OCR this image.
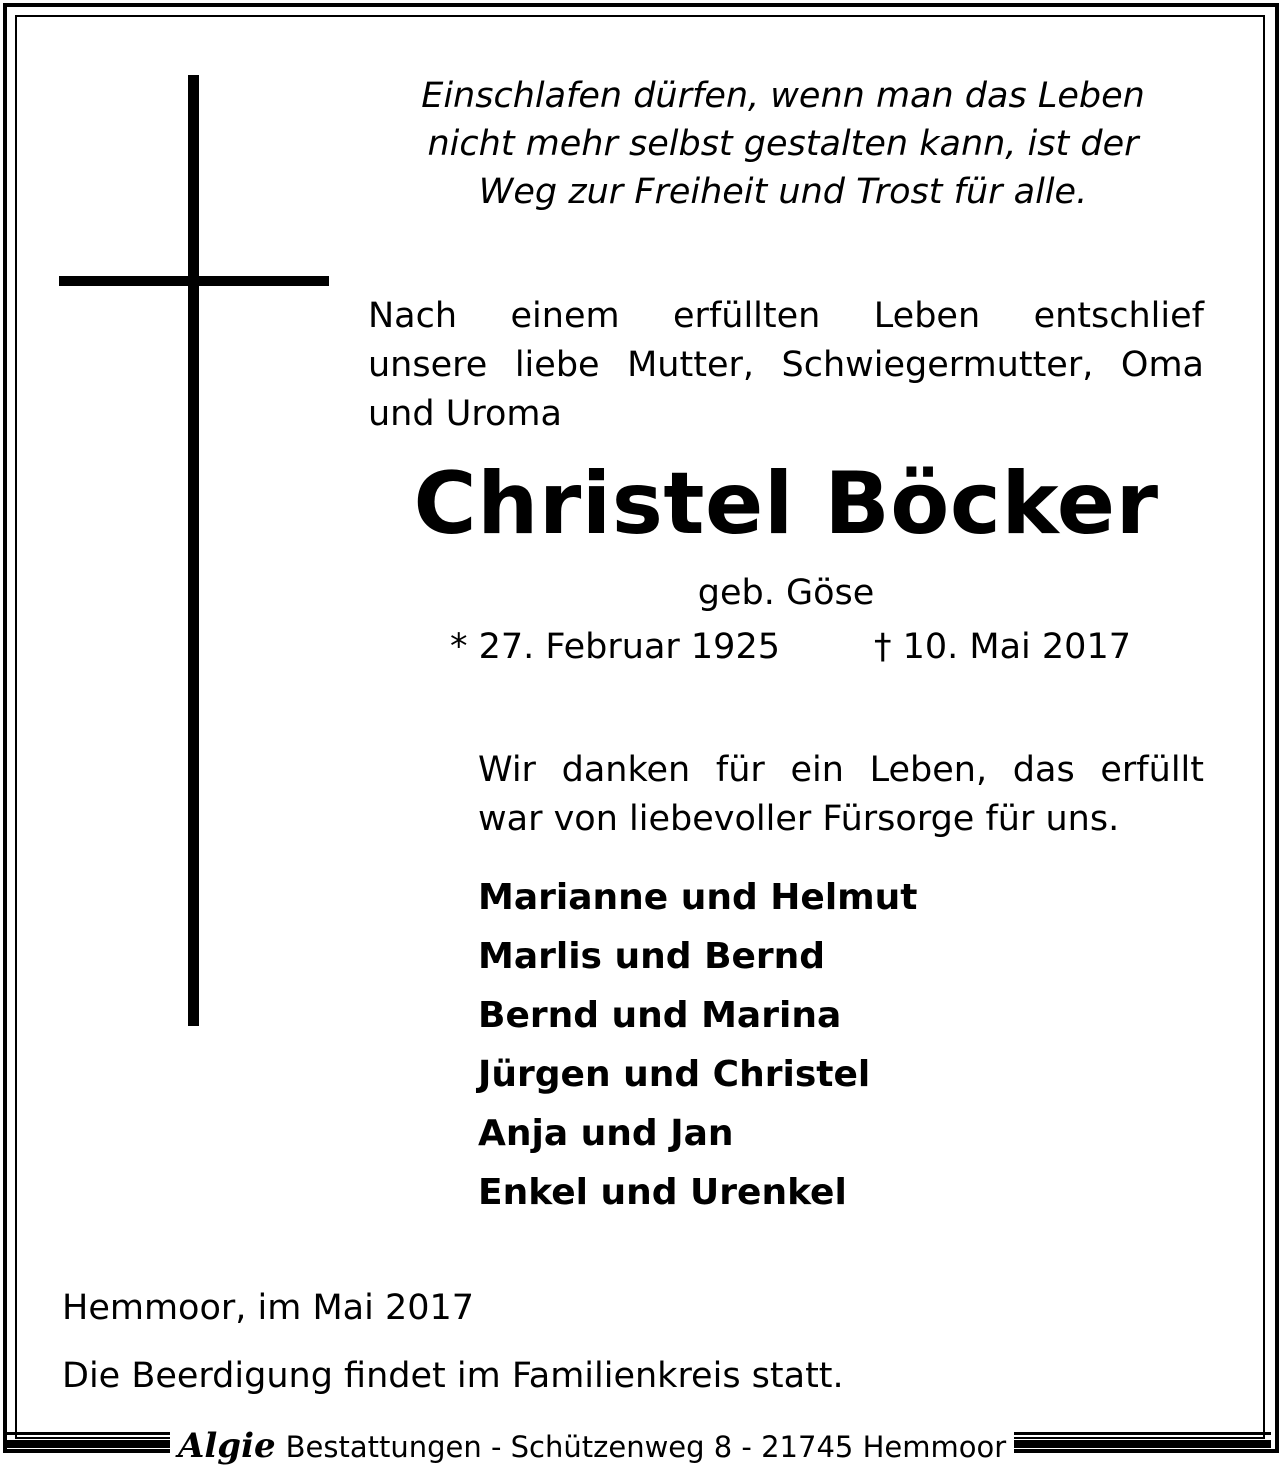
Einschlafen dürfen, wenn man das Leben
nicht mehr selbst gestalten kann, ist der
Weg zur Freiheit und Trost für alle.
Nach einem erfüllten Leben entschlief
unsere liebe Mutter, Schwiegermutter, Oma
und Uroma
Christel Böcker
geb. Göse
* 27. Februar 1925	† 10. Mai 2017
Wir danken für ein Leben, das erfüllt
war von liebevoller Fürsorge für uns.
Marianne und Helmut
Marlis und Bernd
Bernd und Marina
Jürgen und Christel
Anja und Jan
Enkel und Urenkel
Hemmoor, im Mai 2017
Die Beerdigung findet im Familienkreis statt.
Algie Bestattungen - Schützenweg 8 - 21745 Hemmoor
